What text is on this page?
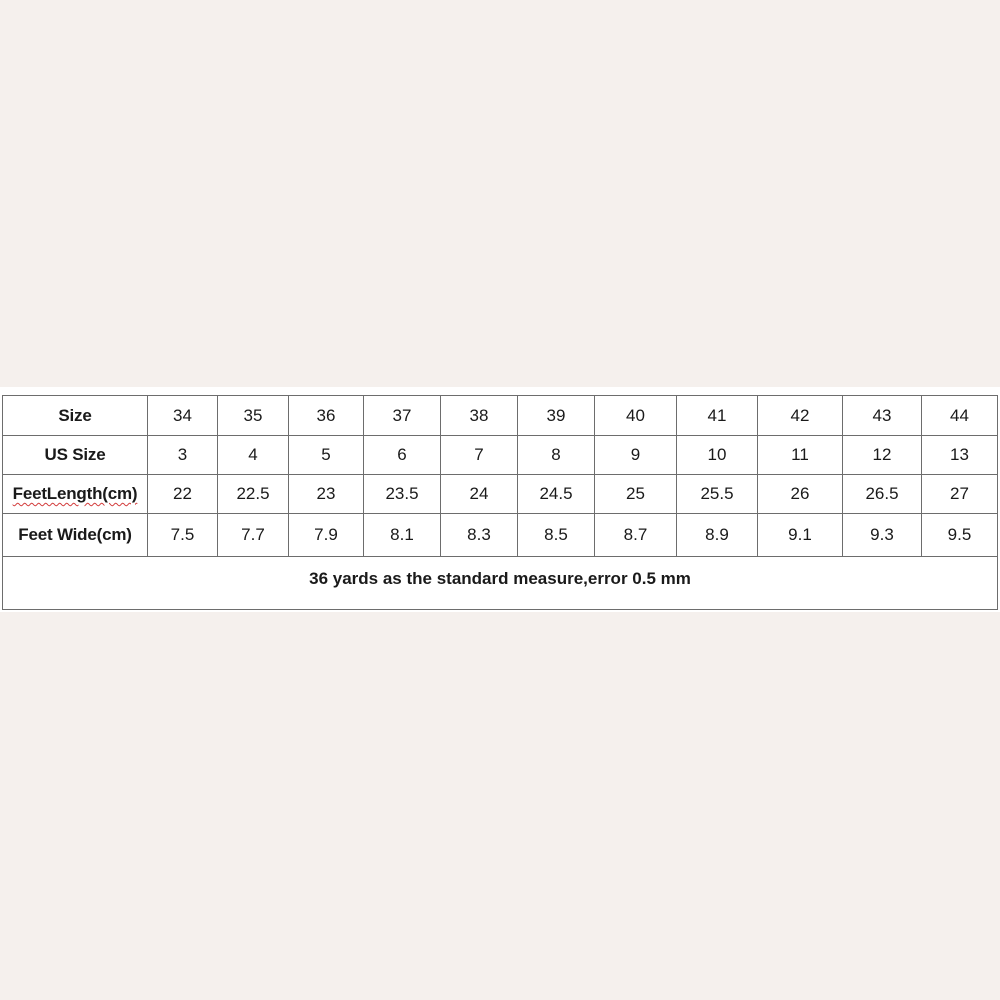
Size	34	35	36	37	38	39	40	41	42	43	44
US Size	3	4	5	6	7	8	9	10	11	12	13
FeetLength(cm)	22	22.5	23	23.5	24	24.5	25	25.5	26	26.5	27
Feet Wide(cm)	7.5	7.7	7.9	8.1	8.3	8.5	8.7	8.9	9.1	9.3	9.5
36 yards as the standard measure,error 0.5 mm											
